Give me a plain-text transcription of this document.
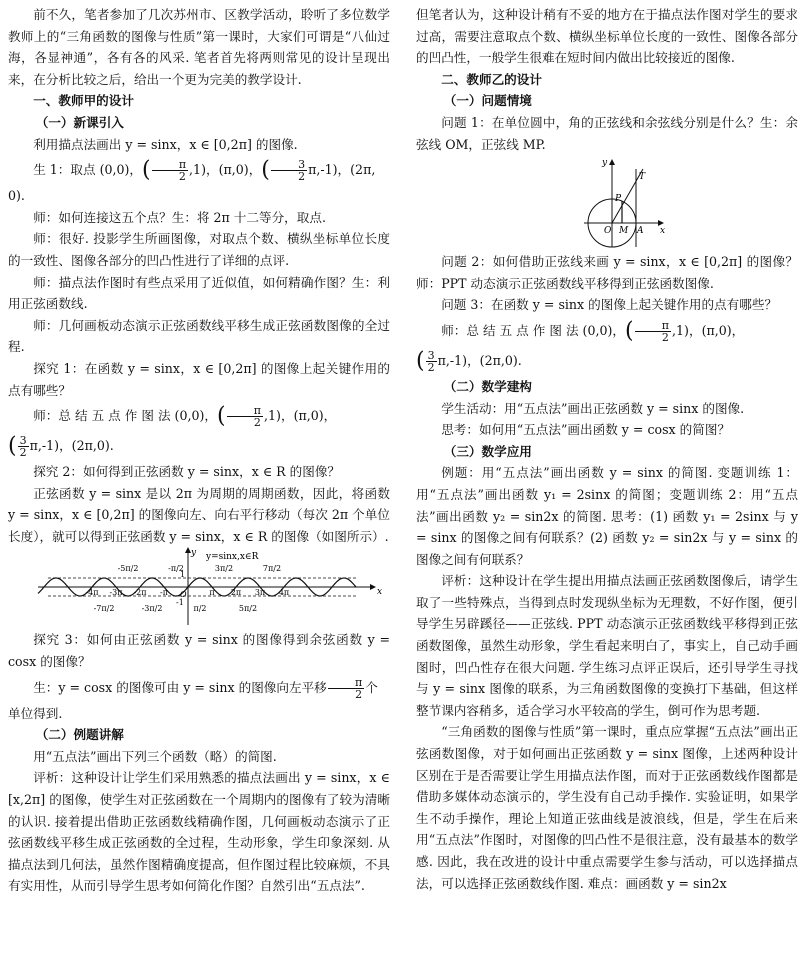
前不久，笔者参加了几次苏州市、区教学活动，聆听了多位数学教师上的“三角函数的图像与性质”第一课时，大家们可谓是“八仙过海，各显神通”，各有各的风采. 笔者首先将两则常见的设计呈现出来，在分析比较之后，给出一个更为完美的教学设计.

一、教师甲的设计

（一）新课引入

利用描点法画出 y = sinx，x ∈ [0,2π] 的图像.

生 1：取点 (0,0)，( $\frac{\pi}{2} ,1$)，(π,0)，( $\frac{3}{2} \pi,-1$)，(2π,

0).

师：如何连接这五个点？生：将 2π 十二等分，取点.

师：很好. 投影学生所画图像，对取点个数、横纵坐标单位长度的一致性、图像各部分的凹凸性进行了详细的点评.

师：描点法作图时有些点采用了近似值，如何精确作图？生：利用正弦函数线.

师：几何画板动态演示正弦函数线平移生成正弦函数图像的全过程.

探究 1：在函数 y = sinx，x ∈ [0,2π] 的图像上起关键作用的点有哪些？

师：总 结 五 点 作 图 法 (0,0)，( $\frac{\pi}{2} ,1$)，(π,0)，

( $\frac{3}{2} \pi,-1$)，(2π,0).

探究 2：如何得到正弦函数 y = sinx，x ∈ R 的图像？

正弦函数 y = sinx 是以 2π 为周期的周期函数，因此，将函数 y = sinx，x ∈ [0,2π] 的图像向左、向右平行移动（每次 2π 个单位长度），就可以得到正弦函数 y = sinx，x ∈ R 的图像（如图所示）.

x
y y=sinx,x∈R
O
1
-1
-5π/2	-π/2	3π/2	7π/2
-7π/2	-3π/2	π/2	5π/2
-4π -3π -2π -π	π 2π 3π 4π

探究 3：如何由正弦函数 y = sinx 的图像得到余弦函数 y = cosx 的图像？

生：y = cosx 的图像可由 y = sinx 的图像向左平移 $\frac{\pi}{2}$ 个

单位得到.

（二）例题讲解

用“五点法”画出下列三个函数（略）的简图.

评析：这种设计让学生们采用熟悉的描点法画出 y = sinx，x ∈ [x,2π] 的图像，使学生对正弦函数在一个周期内的图像有了较为清晰的认识. 接着提出借助正弦函数线精确作图，几何画板动态演示了正弦函数线平移生成正弦函数的全过程，生动形象，学生印象深刻. 从描点法到几何法，虽然作图精确度提高，但作图过程比较麻烦，不具有实用性，从而引导学生思考如何简化作图？自然引出“五点法”.

但笔者认为，这种设计稍有不妥的地方在于描点法作图对学生的要求过高，需要注意取点个数、横纵坐标单位长度的一致性、图像各部分的凹凸性，一般学生很难在短时间内做出比较接近的图像.

二、教师乙的设计

（一）问题情境

问题 1：在单位圆中，角的正弦线和余弦线分别是什么？生：余弦线 OM，正弦线 MP.

O M A
P
T
x
y

问题 2：如何借助正弦线来画 y = sinx，x ∈ [0,2π] 的图像？师：PPT 动态演示正弦函数线平移得到正弦函数图像.

问题 3：在函数 y = sinx 的图像上起关键作用的点有哪些？

师：总 结 五 点 作 图 法 (0,0)，( $\frac{\pi}{2} ,1$)，(π,0)，

( $\frac{3}{2} \pi,-1$)，(2π,0).

（二）数学建构

学生活动：用“五点法”画出正弦函数 y = sinx 的图像.

思考：如何用“五点法”画出函数 y = cosx 的简图？

（三）数学应用

例题：用“五点法”画出函数 y = sinx 的简图. 变题训练 1：用“五点法”画出函数 y₁ = 2sinx 的简图；变题训练 2：用“五点法”画出函数 y₂ = sin2x 的简图. 思考：(1) 函数 y₁ = 2sinx 与 y = sinx 的图像之间有何联系？(2) 函数 y₂ = sin2x 与 y = sinx 的图像之间有何联系？

评析：这种设计在学生提出用描点法画正弦函数图像后，请学生取了一些特殊点，当得到点时发现纵坐标为无理数，不好作图，便引导学生另辟蹊径——正弦线. PPT 动态演示正弦函数线平移得到正弦函数图像，虽然生动形象，学生看起来明白了，事实上，自己动手画图时，凹凸性存在很大问题. 学生练习点评正误后，还引导学生寻找与 y = sinx 图像的联系，为三角函数图像的变换打下基础，但这样整节课内容稍多，适合学习水平较高的学生，倒可作为思考题.

“三角函数的图像与性质”第一课时，重点应掌握“五点法”画出正弦函数图像，对于如何画出正弦函数 y = sinx 图像，上述两种设计区别在于是否需要让学生用描点法作图，而对于正弦函数线作图都是借助多媒体动态演示的，学生没有自己动手操作. 实验证明，如果学生不动手操作，理论上知道正弦曲线是波浪线，但是，学生在后来用“五点法”作图时，对图像的凹凸性不是很注意，没有最基本的数学感. 因此，我在改进的设计中重点需要学生参与活动，可以选择描点法，可以选择正弦函数线作图. 难点：画函数 y = sin2x
